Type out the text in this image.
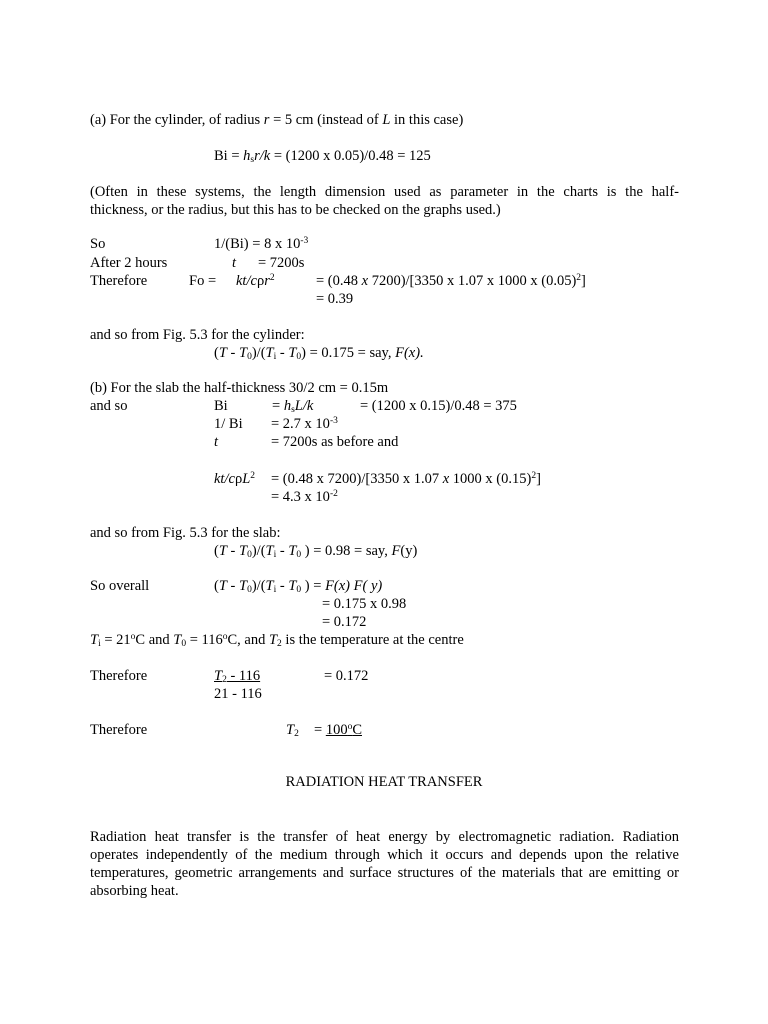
(a) For the cylinder, of radius r = 5 cm (instead of L in this case)
$Bi = h_sr/k = (1200$ x 0.05)/0.48 = 125
(Often in these systems, the length dimension used as parameter in the charts is the half-
thickness, or the radius, but this has to be checked on the graphs used.)
So	1/(Bi) = 8 x $10^{-3}$
After 2 hours	t = 7200s
Therefore	Fo = kt/cρr$^2$	= (0.48 x 7200)/[3350 x 1.07 x 1000 x $(0.05)^2$]
= 0.39
and so from Fig. 5.3 for the cylinder:
$(T - T_0)/(T_i - T_0) = 0.175$ = say, F(x).
(b) For the slab the half-thickness 30/2 cm = 0.15m
and so	Bi	= $h_sL/k$	= (1200 x 0.15)/0.48 = 375
1/ Bi = 2.7 x $10^{-3}$
t	= 7200s as before and
kt/cρL$^2$ = (0.48 x 7200)/[3350 x 1.07 x 1000 x $(0.15)^2$]
= 4.3 x $10^{-2}$
and so from Fig. 5.3 for the slab:
$(T - T_0)/(T_i - T_0$ ) = 0.98 = say, F(y)
So overall	$(T - T_0)/(T_i - T_0$ ) = F(x) F( y)
= 0.175 x 0.98
= 0.172
$T_i = 21^oC$ and $T_0 = 116^oC$, and $T_2$ is the temperature at the centre
Therefore	$T_2 - 116$
21 - 116
= 0.172
Therefore	$T_2 = 100^oC$
RADIATION HEAT TRANSFER
Radiation heat transfer is the transfer of heat energy by electromagnetic radiation. Radiation
operates independently of the medium through which it occurs and depends upon the relative
temperatures, geometric arrangements and surface structures of the materials that are emitting or
absorbing heat.
